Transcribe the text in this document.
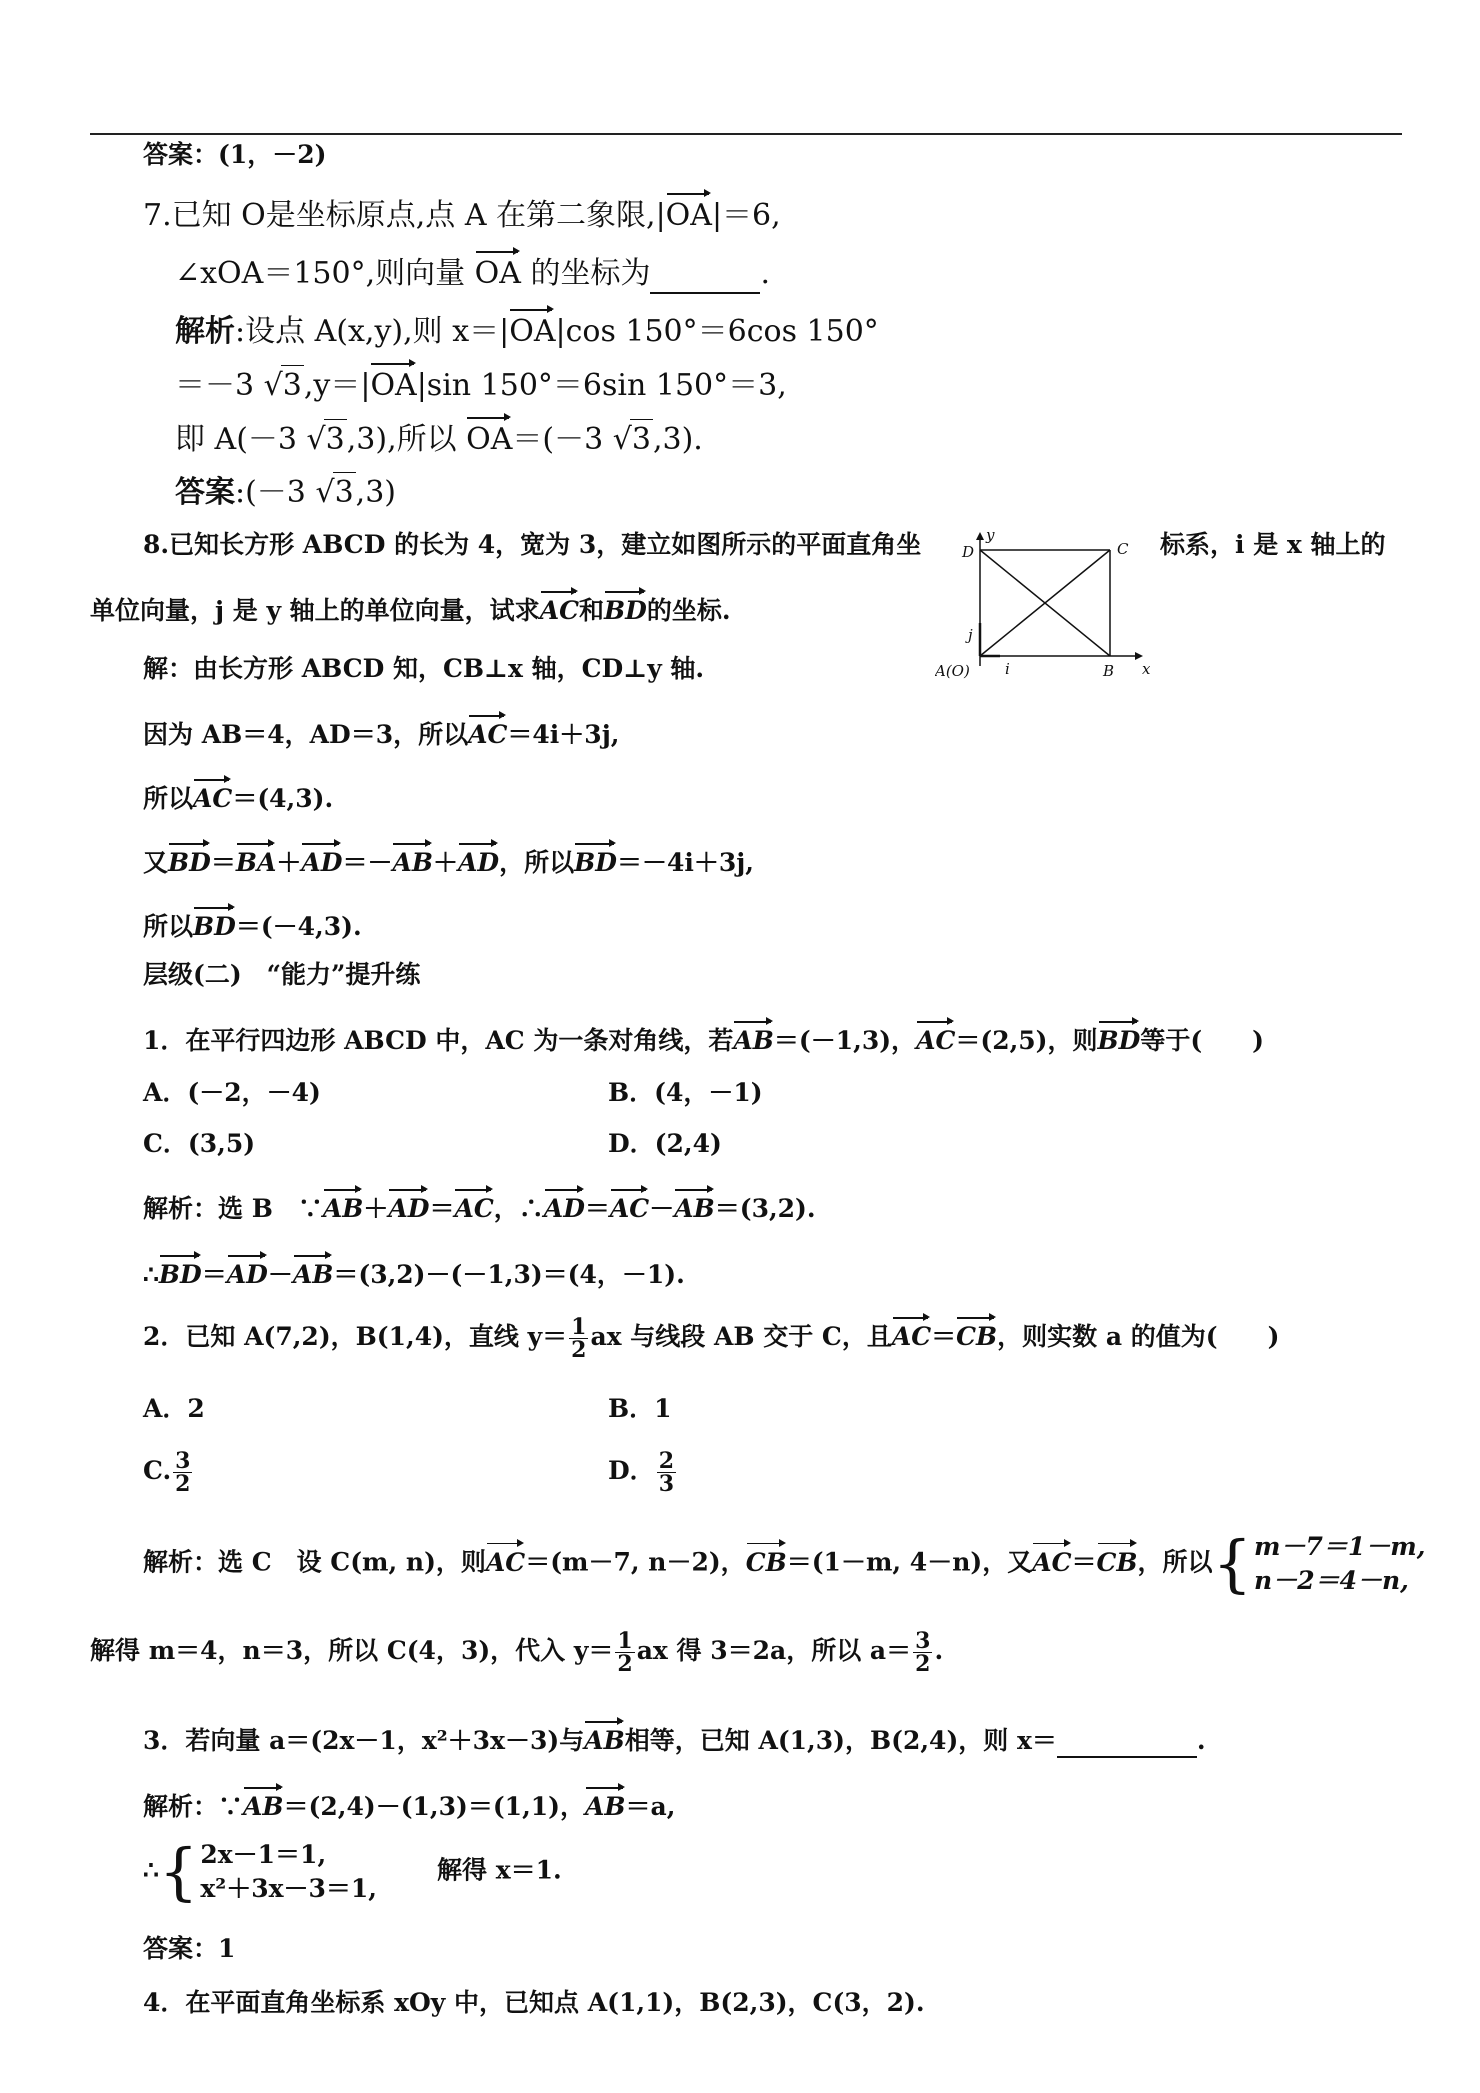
答案：(1，－2)
7.已知 O是坐标原点,点 A 在第二象限,|OA|＝6,
∠xOA＝150°,则向量 OA 的坐标为	.
解析:设点 A(x,y),则 x＝|OA|cos 150°＝6cos 150°
＝－3 √3,y＝|OA|sin 150°＝6sin 150°＝3,
即 A(－3 √3,3),所以 OA＝(－3 √3,3).
答案:(－3 √3,3)
8.已知长方形 ABCD 的长为 4，宽为 3，建立如图所示的平面直角坐	标系，i 是 x 轴上的
单位向量，j 是 y 轴上的单位向量，试求AC和BD的坐标.
D	C
A(O)	B x
y
i
j
解：由长方形 ABCD 知，CB⊥x 轴，CD⊥y 轴.
因为 AB＝4，AD＝3，所以AC＝4i＋3j,
所以AC＝(4,3).
又BD＝BA＋AD＝－AB＋AD，所以BD＝－4i＋3j,
所以BD＝(－4,3).
层级(二)　“能力”提升练
1．在平行四边形 ABCD 中，AC 为一条对角线，若AB＝(－1,3)，AC＝(2,5)，则BD等于(　　)
A．(－2，－4)	B．(4，－1)
C．(3,5)	D．(2,4)
解析：选 B　∵AB＋AD＝AC，∴AD＝AC－AB＝(3,2).
∴BD＝AD－AB＝(3,2)－(－1,3)＝(4，－1).
2．已知 A(7,2)，B(1,4)，直线 $y= \frac{1}{2}$ ax 与线段 AB 交于 C，且AC＝CB，则实数 a 的值为(　　)
A．2	B．1
C. $\frac{3}{2}$	D． $\frac{2}{3}$
解析：选 C　设 C(m, n)，则AC＝(m－7, n－2)，CB＝(1－m, 4－n)，又AC＝CB，所以 { m－7＝1－m,
n－2＝4－n,
解得 m＝4，n＝3，所以 C(4，3)，代入 $y= \frac{1}{2}$ ax 得 3＝2a，所以 $a= \frac{3}{2}$ .
3．若向量 a＝(2x－1，x²＋3x－3)与AB相等，已知 A(1,3)，B(2,4)，则 x＝	.
解析：∵AB＝(2,4)－(1,3)＝(1,1)，AB＝a,
∴ { 2x－1＝1,
x²＋3x－3＝1,
解得 x＝1.
答案：1
4．在平面直角坐标系 xOy 中，已知点 A(1,1)，B(2,3)，C(3，2).
